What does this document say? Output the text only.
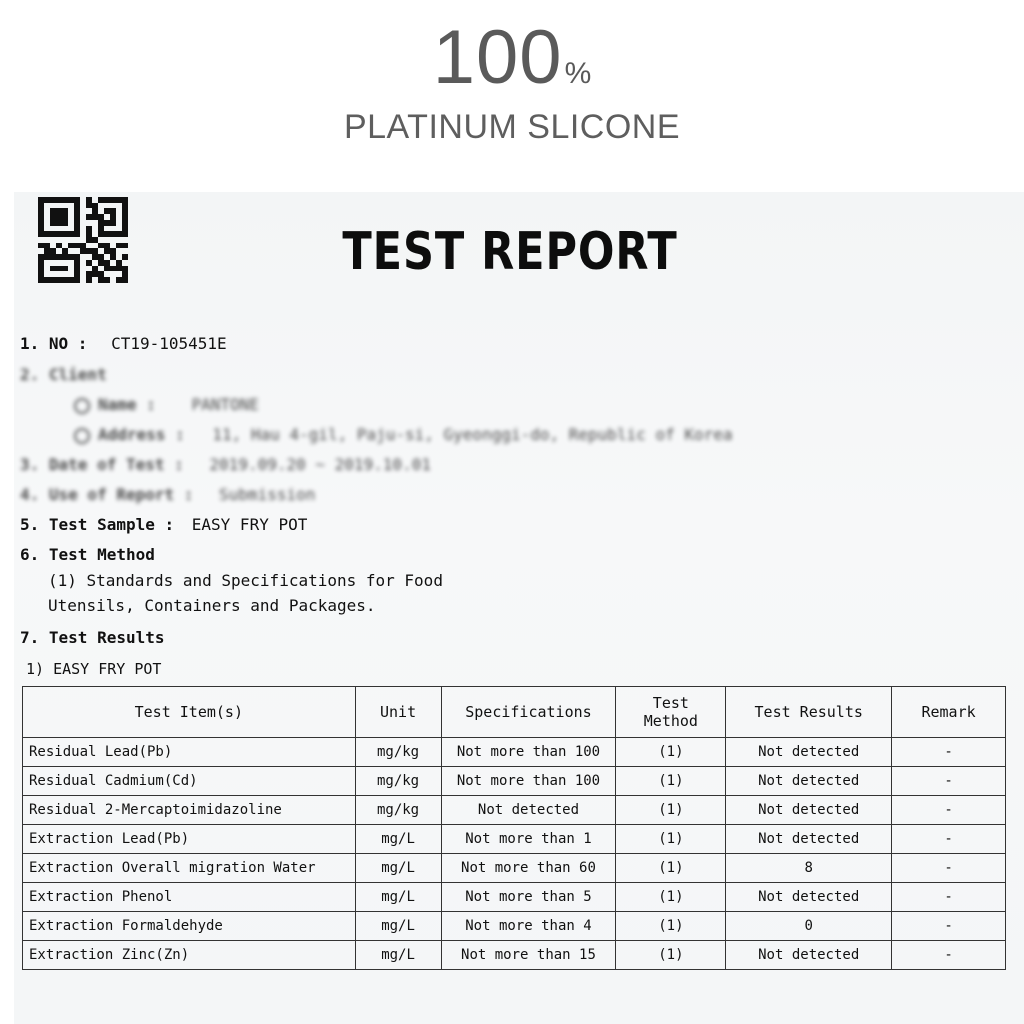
100%
PLATINUM SLICONE
TEST REPORT
1. NO : CT19-105451E
2. Client
Name : PANTONE
Address : 11, Hau 4-gil, Paju-si, Gyeonggi-do, Republic of Korea
3. Date of Test : 2019.09.20 ~ 2019.10.01
4. Use of Report : Submission
5. Test Sample : EASY FRY POT
6. Test Method
(1) Standards and Specifications for Food
Utensils, Containers and Packages.
7. Test Results
1) EASY FRY POT
Test Item(s)	Unit	Specifications	Test Method	Test Results	Remark
Residual Lead(Pb)	mg/kg	Not more than 100	(1)	Not detected	-
Residual Cadmium(Cd)	mg/kg	Not more than 100	(1)	Not detected	-
Residual 2-Mercaptoimidazoline	mg/kg	Not detected	(1)	Not detected	-
Extraction Lead(Pb)	mg/L	Not more than 1	(1)	Not detected	-
Extraction Overall migration Water	mg/L	Not more than 60	(1)	8	-
Extraction Phenol	mg/L	Not more than 5	(1)	Not detected	-
Extraction Formaldehyde	mg/L	Not more than 4	(1)	0	-
Extraction Zinc(Zn)	mg/L	Not more than 15	(1)	Not detected	-
